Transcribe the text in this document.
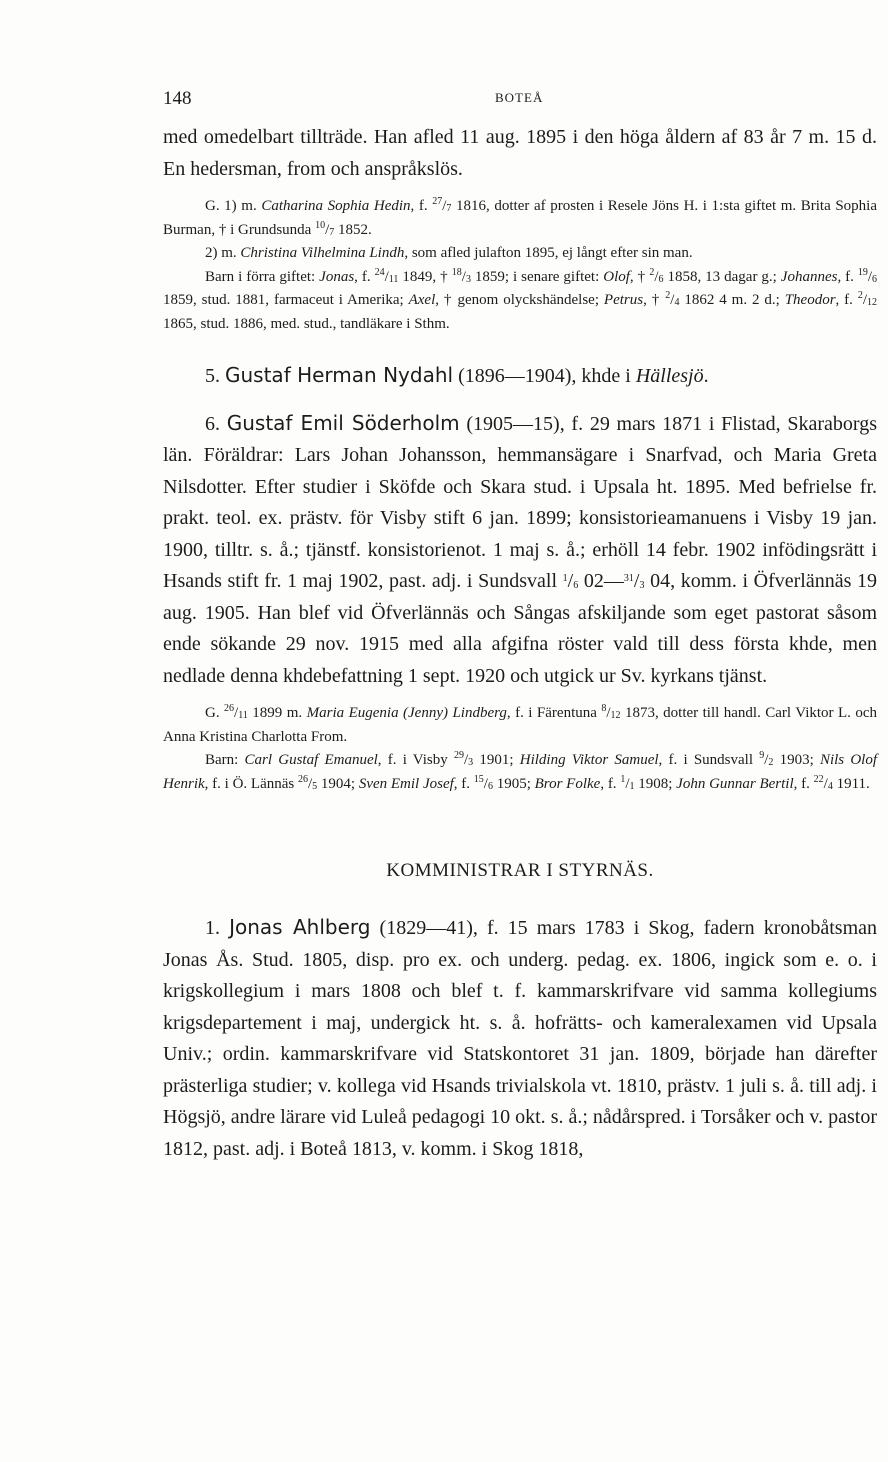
148	BOTEÅ

med omedelbart tillträde. Han afled 11 aug. 1895 i den höga åldern af 83 år 7 m. 15 d. En hedersman, from och anspråkslös.

G. 1) m. Catharina Sophia Hedin, f. $^{27}/_7$ 1816, dotter af prosten i Resele Jöns H. i 1:sta giftet m. Brita Sophia Burman, † i Grundsunda $^{10}/_7$ 1852.

2) m. Christina Vilhelmina Lindh, som afled julafton 1895, ej långt efter sin man.

Barn i förra giftet: Jonas, f. $^{24}/_{11}$ 1849, † $^{18}/_3$ 1859; i senare giftet: Olof, † $^2/_6$ 1858, 13 dagar g.; Johannes, f. $^{19}/_6$ 1859, stud. 1881, farmaceut i Amerika; Axel, † genom olyckshändelse; Petrus, † $^2/_4$ 1862 4 m. 2 d.; Theodor, f. $^2/_{12}$ 1865, stud. 1886, med. stud., tandläkare i Sthm.

5. Gustaf Herman Nydahl (1896—1904), khde i Hällesjö.

6. Gustaf Emil Söderholm (1905—15), f. 29 mars 1871 i Flistad, Skaraborgs län. Föräldrar: Lars Johan Johansson, hemmansägare i Snarfvad, och Maria Greta Nilsdotter. Efter studier i Sköfde och Skara stud. i Upsala ht. 1895. Med befrielse fr. prakt. teol. ex. prästv. för Visby stift 6 jan. 1899; konsistorieamanuens i Visby 19 jan. 1900, tilltr. s. å.; tjänstf. konsistorienot. 1 maj s. å.; erhöll 14 febr. 1902 infödingsrätt i Hsands stift fr. 1 maj 1902, past. adj. i Sundsvall $^1/_6$ $02—^{31}/_3$ 04, komm. i Öfverlännäs 19 aug. 1905. Han blef vid Öfverlännäs och Sångas afskiljande som eget pastorat såsom ende sökande 29 nov. 1915 med alla afgifna röster vald till dess första khde, men nedlade denna khdebefattning 1 sept. 1920 och utgick ur Sv. kyrkans tjänst.

G. $^{26}/_{11}$ 1899 m. Maria Eugenia (Jenny) Lindberg, f. i Färentuna $^8/_{12}$ 1873, dotter till handl. Carl Viktor L. och Anna Kristina Charlotta From.

Barn: Carl Gustaf Emanuel, f. i Visby $^{29}/_3$ 1901; Hilding Viktor Samuel, f. i Sundsvall $^9/_2$ 1903; Nils Olof Henrik, f. i Ö. Lännäs $^{26}/_5$ 1904; Sven Emil Josef, f. $^{15}/_6$ 1905; Bror Folke, f. $^1/_1$ 1908; John Gunnar Bertil, f. $^{22}/_4$ 1911.

KOMMINISTRAR I STYRNÄS.

1. Jonas Ahlberg (1829—41), f. 15 mars 1783 i Skog, fadern kronobåtsman Jonas Ås. Stud. 1805, disp. pro ex. och underg. pedag. ex. 1806, ingick som e. o. i krigskollegium i mars 1808 och blef t. f. kammarskrifvare vid samma kollegiums krigsdepartement i maj, undergick ht. s. å. hofrätts- och kameralexamen vid Upsala Univ.; ordin. kammarskrifvare vid Statskontoret 31 jan. 1809, började han därefter prästerliga studier; v. kollega vid Hsands trivialskola vt. 1810, prästv. 1 juli s. å. till adj. i Högsjö, andre lärare vid Luleå pedagogi 10 okt. s. å.; nådårspred. i Torsåker och v. pastor 1812, past. adj. i Boteå 1813, v. komm. i Skog 1818,
